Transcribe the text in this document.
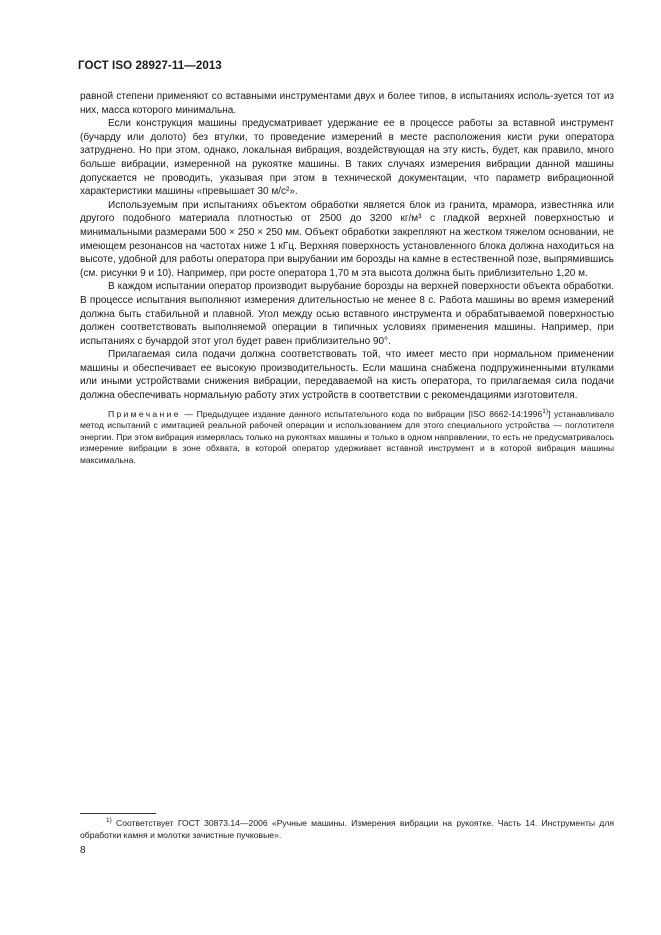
ГОСТ ISO 28927-11—2013

равной степени применяют со вставными инструментами двух и более типов, в испытаниях исполь-зуется тот из них, масса которого минимальна.

Если конструкция машины предусматривает удержание ее в процессе работы за вставной инструмент (бучарду или долото) без втулки, то проведение измерений в месте расположения кисти руки оператора затруднено. Но при этом, однако, локальная вибрация, воздействующая на эту кисть, будет, как правило, много больше вибрации, измеренной на рукоятке машины. В таких случаях измерения вибрации данной машины допускается не проводить, указывая при этом в технической документации, что параметр вибрационной характеристики машины «превышает 30 м/с²».

Используемым при испытаниях объектом обработки является блок из гранита, мрамора, известняка или другого подобного материала плотностью от 2500 до 3200 кг/м³ с гладкой верхней поверхностью и минимальными размерами 500 × 250 × 250 мм. Объект обработки закрепляют на жестком тяжелом основании, не имеющем резонансов на частотах ниже 1 кГц. Верхняя поверхность установленного блока должна находиться на высоте, удобной для работы оператора при вырубании им борозды на камне в естественной позе, выпрямившись (см. рисунки 9 и 10). Например, при росте оператора 1,70 м эта высота должна быть приблизительно 1,20 м.

В каждом испытании оператор производит вырубание борозды на верхней поверхности объекта обработки. В процессе испытания выполняют измерения длительностью не менее 8 с. Работа машины во время измерений должна быть стабильной и плавной. Угол между осью вставного инструмента и обрабатываемой поверхностью должен соответствовать выполняемой операции в типичных условиях применения машины. Например, при испытаниях с бучардой этот угол будет равен приблизительно 90°.

Прилагаемая сила подачи должна соответствовать той, что имеет место при нормальном применении машины и обеспечивает ее высокую производительность. Если машина снабжена подпружиненными втулками или иными устройствами снижения вибрации, передаваемой на кисть оператора, то прилагаемая сила подачи должна обеспечивать нормальную работу этих устройств в соответствии с рекомендациями изготовителя.

Примечание — Предыдущее издание данного испытательного кода по вибрации [ISO 8662-14:1996$^{1)}$] устанавливало метод испытаний с имитацией реальной рабочей операции и использованием для этого специального устройства — поглотителя энергии. При этом вибрация измерялась только на рукоятках машины и только в одном направлении, то есть не предусматривалось измерение вибрации в зоне обхвата, в которой оператор удерживает вставной инструмент и в которой вибрация машины максимальна.

$^{1)}$ Соответствует ГОСТ 30873.14—2006 «Ручные машины. Измерения вибрации на рукоятке. Часть 14. Инструменты для обработки камня и молотки зачистные пучковые».
8
